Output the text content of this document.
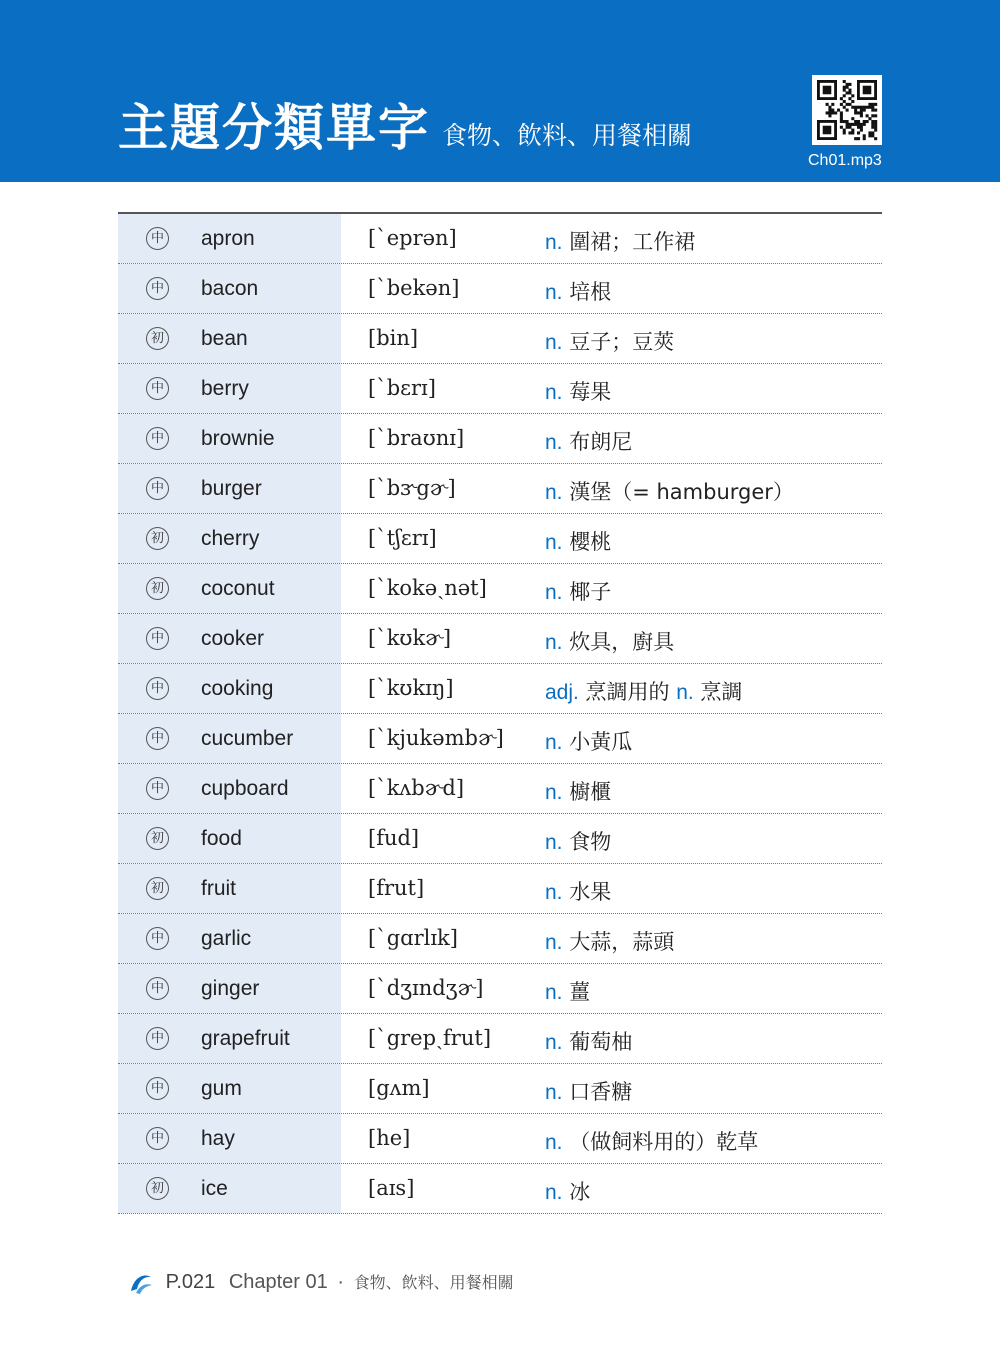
主題分類單字 食物、飲料、用餐相關
Ch01.mp3
中 apron	[ˋeprən]	n. 圍裙；工作裙
中 bacon	[ˋbekən]	n. 培根
初 bean	[bin]	n. 豆子；豆莢
中 berry	[ˋbɛrɪ]	n. 莓果
中 brownie	[ˋbraʊnɪ]	n. 布朗尼
中 burger	[ˋbɝgɚ]	n. 漢堡（= hamburger）
初 cherry	[ˋtʃɛrɪ]	n. 櫻桃
初 coconut	[ˋkokəˏnət]	n. 椰子
中 cooker	[ˋkʊkɚ]	n. 炊具，廚具
中 cooking	[ˋkʊkɪŋ]	adj. 烹調用的 n. 烹調
中 cucumber	[ˋkjukəmbɚ] n. 小黃瓜
中 cupboard	[ˋkʌbɚd]	n. 櫥櫃
初 food	[fud]	n. 食物
初 fruit	[frut]	n. 水果
中 garlic	[ˋgɑrlɪk]	n. 大蒜，蒜頭
中 ginger	[ˋdʒɪndʒɚ]	n. 薑
中 grapefruit	[ˋgrepˏfrut]	n. 葡萄柚
中 gum	[gʌm]	n. 口香糖
中 hay	[he]	n. （做飼料用的）乾草
初 ice	[aɪs]	n. 冰
P.021 Chapter 01 · 食物、飲料、用餐相關
